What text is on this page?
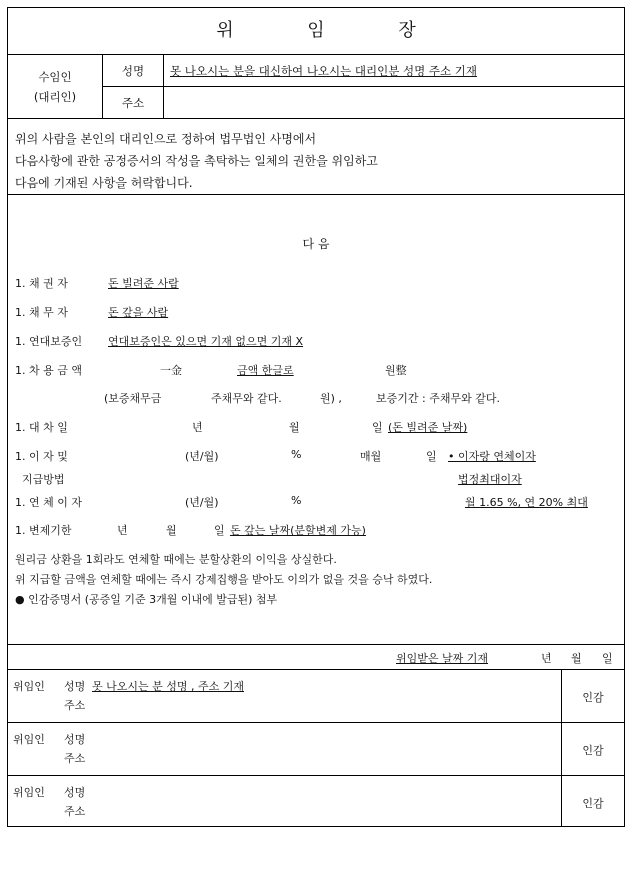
위 임 장
수임인
(대리인)	성명	못 나오시는 분을 대신하여 나오시는 대리인분 성명 주소 기재
	주소	
위의 사람을 본인의 대리인으로 정하여 법무법인 사명에서
다음사항에 관한 공정증서의 작성을 촉탁하는 일체의 권한을 위임하고
다음에 기재된 사항을 허락합니다.
다 음
1. 채 권 자	돈 빌려준 사람
1. 채 무 자	돈 갚을 사람
1. 연대보증인 연대보증인은 있으면 기재 없으면 기재 X
1. 차 용 금 액	一金	금액 한글로	원整
(보증채무금	주채무와 같다.	원) ,	보증기간 : 주채무와 같다.
1. 대 차 일	년	월	일 (돈 빌려준 날짜)
1. 이 자 및	(년/월)	%	매월	일 • 이자랑 연체이자
지급방법	법정최대이자
1. 연 체 이 자	(년/월)	%	월 1.65 %, 연 20% 최대
1. 변제기한	년	월	일 돈 갚는 날짜(분할변제 가능)
원리금 상환을 1회라도 연체할 때에는 분할상환의 이익을 상실한다.
위 지급할 금액을 연체할 때에는 즉시 강제집행을 받아도 이의가 없을 것을 승낙 하였다.
● 인감증명서 (공증일 기준 3개월 이내에 발급된) 첨부
위임받은 날짜 기재	년 월 일
위임인 성명 못 나오시는 분 성명 , 주소 기재
주소
인감
위임인 성명
주소
인감
위임인 성명
주소
인감
